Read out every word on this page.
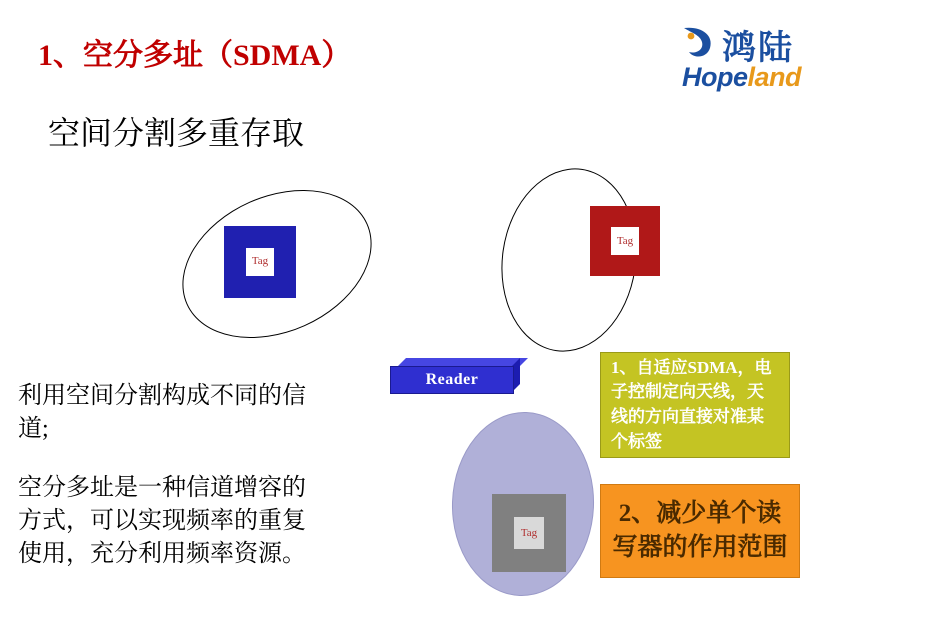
1、空分多址（SDMA）
空间分割多重存取
鸿陆
Hopeland
利用空间分割构成不同的信道;
空分多址是一种信道增容的方式，可以实现频率的重复使用，充分利用频率资源。
Tag
Tag
Tag
Reader
1、自适应SDMA，电子控制定向天线，天线的方向直接对准某个标签
2、减少单个读写器的作用范围
